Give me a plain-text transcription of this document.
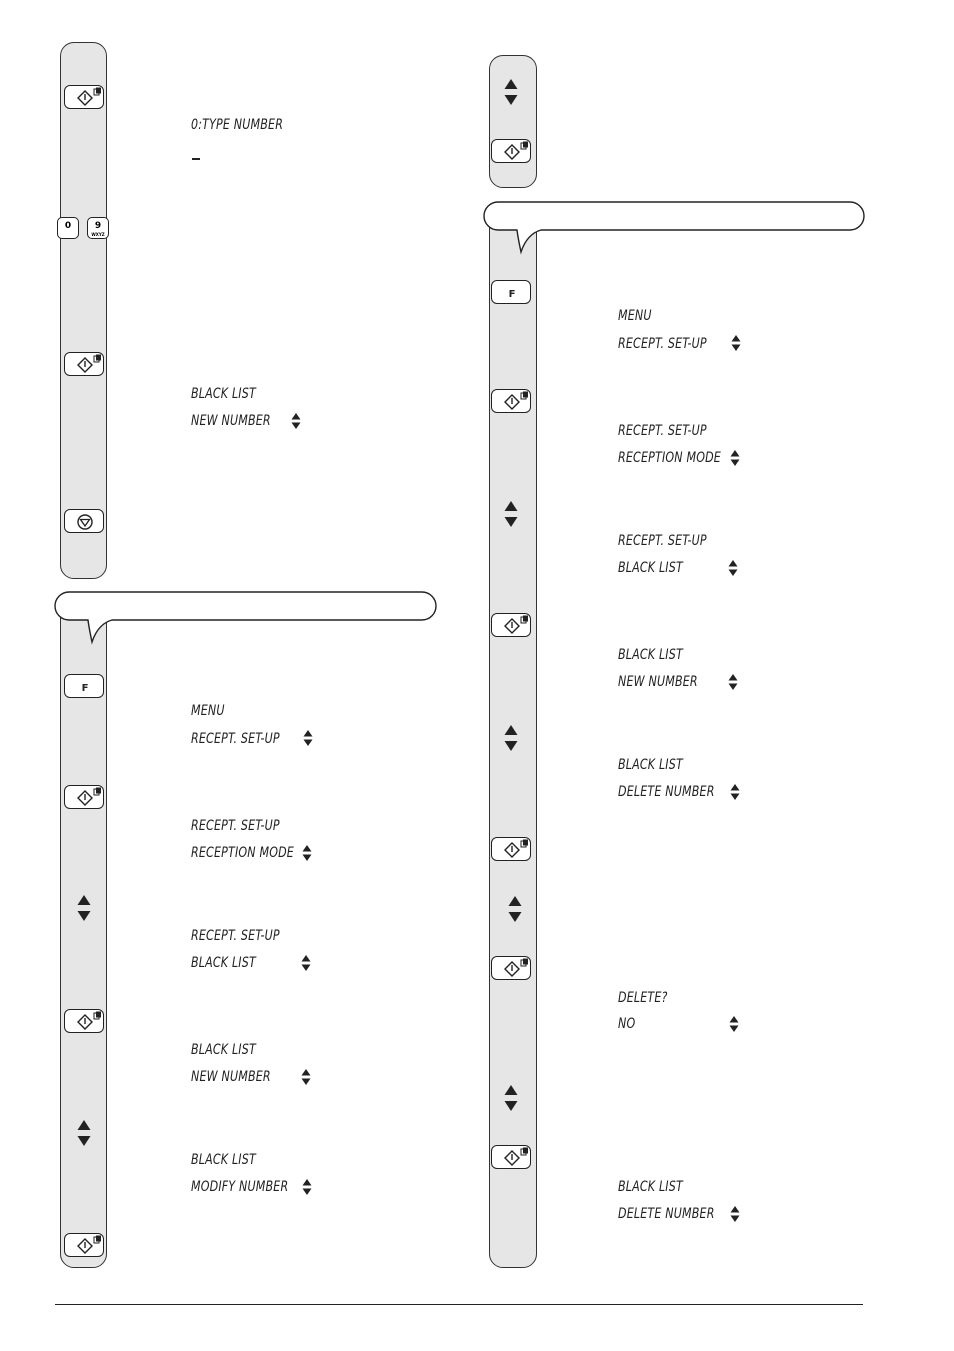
0:TYPE NUMBER
0	9
WXYZ
BLACK LIST
NEW NUMBER
F
MENU
RECEPT. SET-UP
RECEPT. SET-UP
RECEPTION MODE
RECEPT. SET-UP
BLACK LIST
BLACK LIST
NEW NUMBER
BLACK LIST
MODIFY NUMBER
F
MENU
RECEPT. SET-UP
RECEPT. SET-UP
RECEPTION MODE
RECEPT. SET-UP
BLACK LIST
BLACK LIST
NEW NUMBER
BLACK LIST
DELETE NUMBER
DELETE?
NO
BLACK LIST
DELETE NUMBER
